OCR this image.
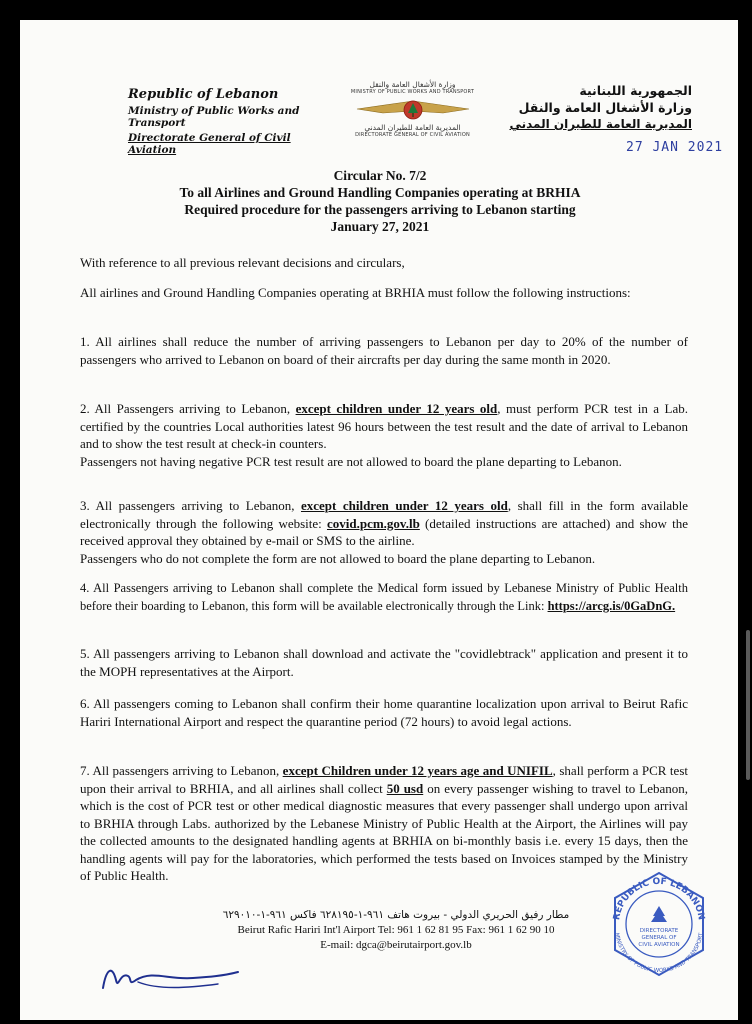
Republic of Lebanon
Ministry of Public Works and Transport
Directorate General of Civil Aviation
وزارة الأشغال العامة والنقل
MINISTRY OF PUBLIC WORKS AND TRANSPORT
المديرية العامة للطيران المدني
DIRECTORATE GENERAL OF CIVIL AVIATION
الجمهورية اللبنانية
وزارة الأشغال العامة والنقل
المديرية العامة للطيران المدني
27 JAN 2021
Circular No. 7/2
To all Airlines and Ground Handling Companies operating at BRHIA
Required procedure for the passengers arriving to Lebanon starting
January 27, 2021
With reference to all previous relevant decisions and circulars,
All airlines and Ground Handling Companies operating at BRHIA must follow the following instructions:
1. All airlines shall reduce the number of arriving passengers to Lebanon per day to 20% of the number of passengers who arrived to Lebanon on board of their aircrafts per day during the same month in 2020.
2. All Passengers arriving to Lebanon, except children under 12 years old, must perform PCR test in a Lab. certified by the countries Local authorities latest 96 hours between the test result and the date of arrival to Lebanon and to show the test result at check-in counters.
Passengers not having negative PCR test result are not allowed to board the plane departing to Lebanon.
3. All passengers arriving to Lebanon, except children under 12 years old, shall fill in the form available electronically through the following website: covid.pcm.gov.lb (detailed instructions are attached) and show the received approval they obtained by e-mail or SMS to the airline.
Passengers who do not complete the form are not allowed to board the plane departing to Lebanon.
4. All Passengers arriving to Lebanon shall complete the Medical form issued by Lebanese Ministry of Public Health before their boarding to Lebanon, this form will be available electronically through the Link: https://arcg.is/0GaDnG.
5. All passengers arriving to Lebanon shall download and activate the "covidlebtrack" application and present it to the MOPH representatives at the Airport.
6. All passengers coming to Lebanon shall confirm their home quarantine localization upon arrival to Beirut Rafic Hariri International Airport and respect the quarantine period (72 hours) to avoid legal actions.
7. All passengers arriving to Lebanon, except Children under 12 years age and UNIFIL, shall perform a PCR test upon their arrival to BRHIA, and all airlines shall collect 50 usd on every passenger wishing to travel to Lebanon, which is the cost of PCR test or other medical diagnostic measures that every passenger shall undergo upon arrival to BRHIA through Labs. authorized by the Lebanese Ministry of Public Health at the Airport, the Airlines will pay the collected amounts to the designated handling agents at BRHIA on bi-monthly basis i.e. every 15 days, then the handling agents will pay for the laboratories, which performed the tests based on Invoices stamped by the Ministry of Public Health.
مطار رفيق الحريري الدولي - بيروت هاتف ٩٦١-١-٦٢٨١٩٥ فاكس ٩٦١-١-٦٢٩٠١٠
Beirut Rafic Hariri Int'l Airport Tel: 961 1 62 81 95 Fax: 961 1 62 90 10
E-mail: dgca@beirutairport.gov.lb
REPUBLIC OF LEBANON
MINISTRY OF PUBLIC WORKS AND TRANSPORT
DIRECTORATE
GENERAL OF
CIVIL AVIATION
